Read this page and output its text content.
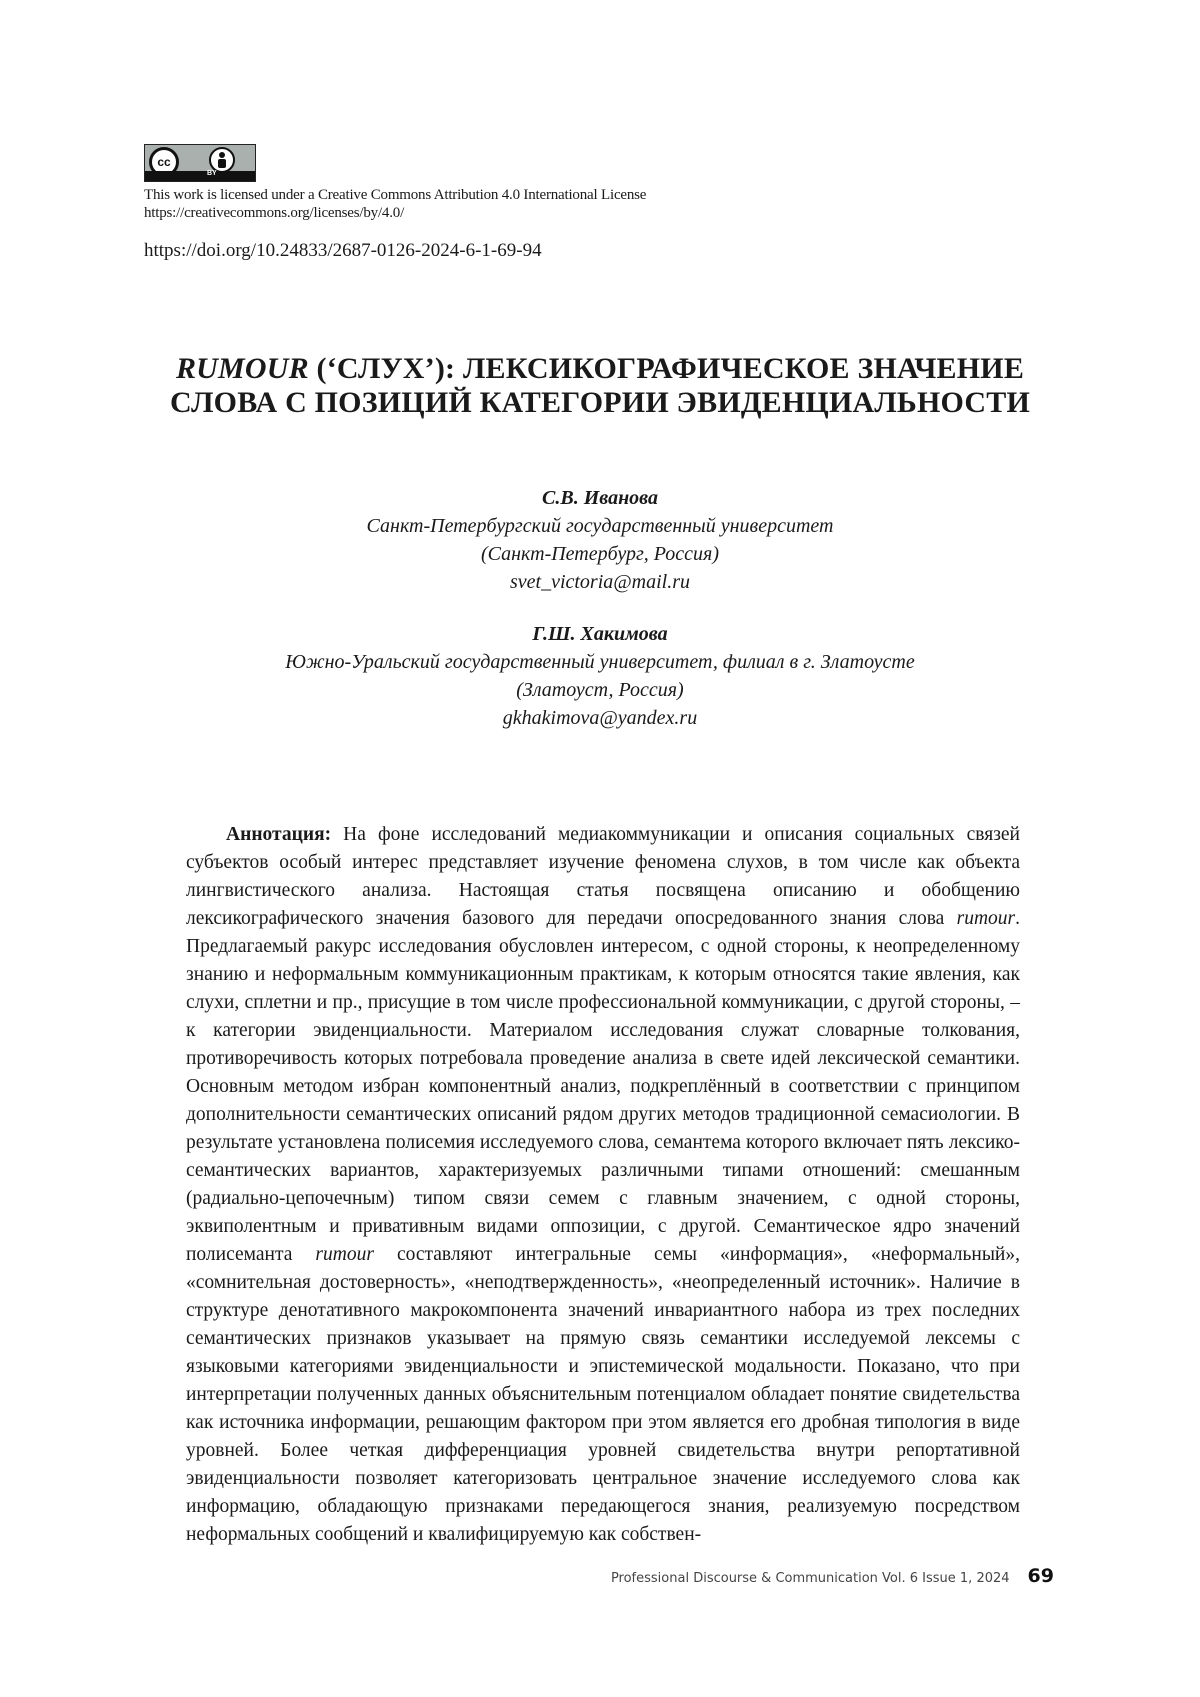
cc
BY
This work is licensed under a Creative Commons Attribution 4.0 International License
https://creativecommons.org/licenses/by/4.0/
https://doi.org/10.24833/2687-0126-2024-6-1-69-94
RUMOUR (‘СЛУХ’): ЛЕКСИКОГРАФИЧЕСКОЕ ЗНАЧЕНИЕ
СЛОВА С ПОЗИЦИЙ КАТЕГОРИИ ЭВИДЕНЦИАЛЬНОСТИ
С.В. Иванова
Санкт-Петербургский государственный университет
(Санкт-Петербург, Россия)
svet_victoria@mail.ru
Г.Ш. Хакимова
Южно-Уральский государственный университет, филиал в г. Златоусте
(Златоуст, Россия)
gkhakimova@yandex.ru

Аннотация: На фоне исследований медиакоммуникации и описания социальных связей субъектов особый интерес представляет изучение феномена слухов, в том числе как объекта лингвистического анализа. Настоящая статья посвящена описанию и обобщению лексикографического значения базового для передачи опосредованного знания слова rumour. Предлагаемый ракурс исследования обусловлен интересом, с одной стороны, к неопределенному знанию и неформальным коммуникационным практикам, к которым относятся такие явления, как слухи, сплетни и пр., присущие в том числе профессиональной коммуникации, с другой стороны, – к категории эвиденциальности. Материалом исследования служат словарные толкования, противоречивость которых потребовала проведение анализа в свете идей лексической семантики. Основным методом избран компонентный анализ, подкреплённый в соответствии с принципом дополнительности семантических описаний рядом других методов традиционной семасиологии. В результате установлена полисемия исследуемого слова, семантема которого включает пять лексико-семантических вариантов, характеризуемых различными типами отношений: смешанным (радиально-цепочечным) типом связи семем с главным значением, с одной стороны, эквиполентным и привативным видами оппозиции, с другой. Семантическое ядро значений полисеманта rumour составляют интегральные семы «информация», «неформальный», «сомнительная достоверность», «неподтвержденность», «неопределенный источник». Наличие в структуре денотативного макрокомпонента значений инвариантного набора из трех последних семантических признаков указывает на прямую связь семантики исследуемой лексемы с языковыми категориями эвиденциальности и эпистемической модальности. Показано, что при интерпретации полученных данных объяснительным потенциалом обладает понятие свидетельства как источника информации, решающим фактором при этом является его дробная типология в виде уровней. Более четкая дифференциация уровней свидетельства внутри репортативной эвиденциальности позволяет категоризовать центральное значение исследуемого слова как информацию, обладающую признаками передающегося знания, реализуемую посредством неформальных сообщений и квалифицируемую как собствен-

Professional Discourse & Communication Vol. 6 Issue 1, 2024 69
